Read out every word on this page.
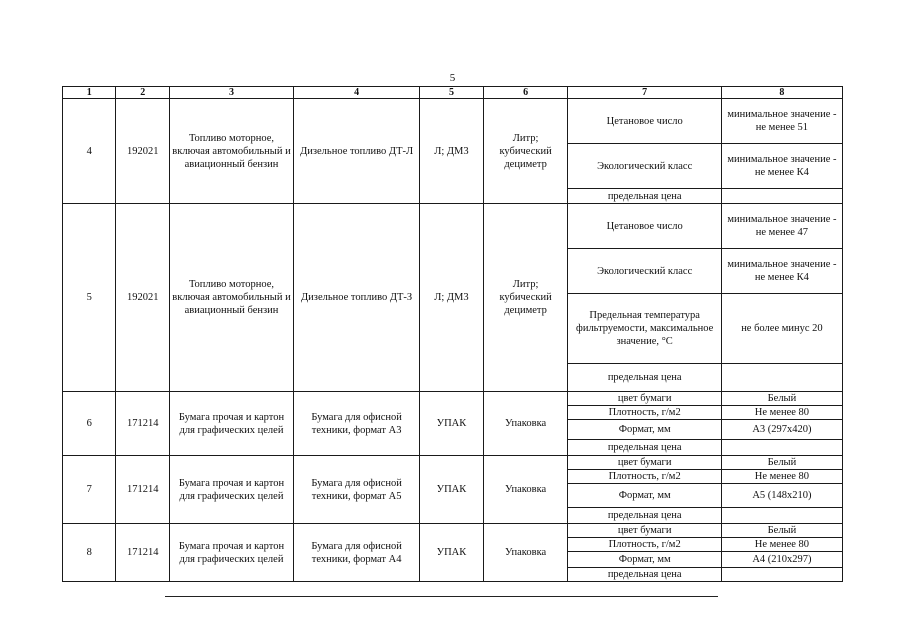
5
1	2	3	4	5	6	7	8
4	192021	Топливо моторное, включая автомобильный и авиационный бензин	Дизельное топливо ДТ-Л	Л; ДМ3	Литр; кубический дециметр	Цетановое число	минимальное значение - не менее 51
						Экологический класс	минимальное значение - не менее К4
						предельная цена	
5	192021	Топливо моторное, включая автомобильный и авиационный бензин	Дизельное топливо ДТ-З	Л; ДМ3	Литр; кубический дециметр	Цетановое число	минимальное значение - не менее 47
						Экологический класс	минимальное значение - не менее К4
						Предельная температура фильтруемости, максимальное значение, °С	не более минус 20
						предельная цена	
6	171214	Бумага прочая и картон для графических целей	Бумага для офисной техники, формат А3	УПАК	Упаковка	цвет бумаги	Белый
						Плотность, г/м2	Не менее 80
						Формат, мм	А3 (297х420)
						предельная цена	
7	171214	Бумага прочая и картон для графических целей	Бумага для офисной техники, формат А5	УПАК	Упаковка	цвет бумаги	Белый
						Плотность, г/м2	Не менее 80
						Формат, мм	А5 (148х210)
						предельная цена	
8	171214	Бумага прочая и картон для графических целей	Бумага для офисной техники, формат А4	УПАК	Упаковка	цвет бумаги	Белый
						Плотность, г/м2	Не менее 80
						Формат, мм	А4 (210х297)
						предельная цена	
